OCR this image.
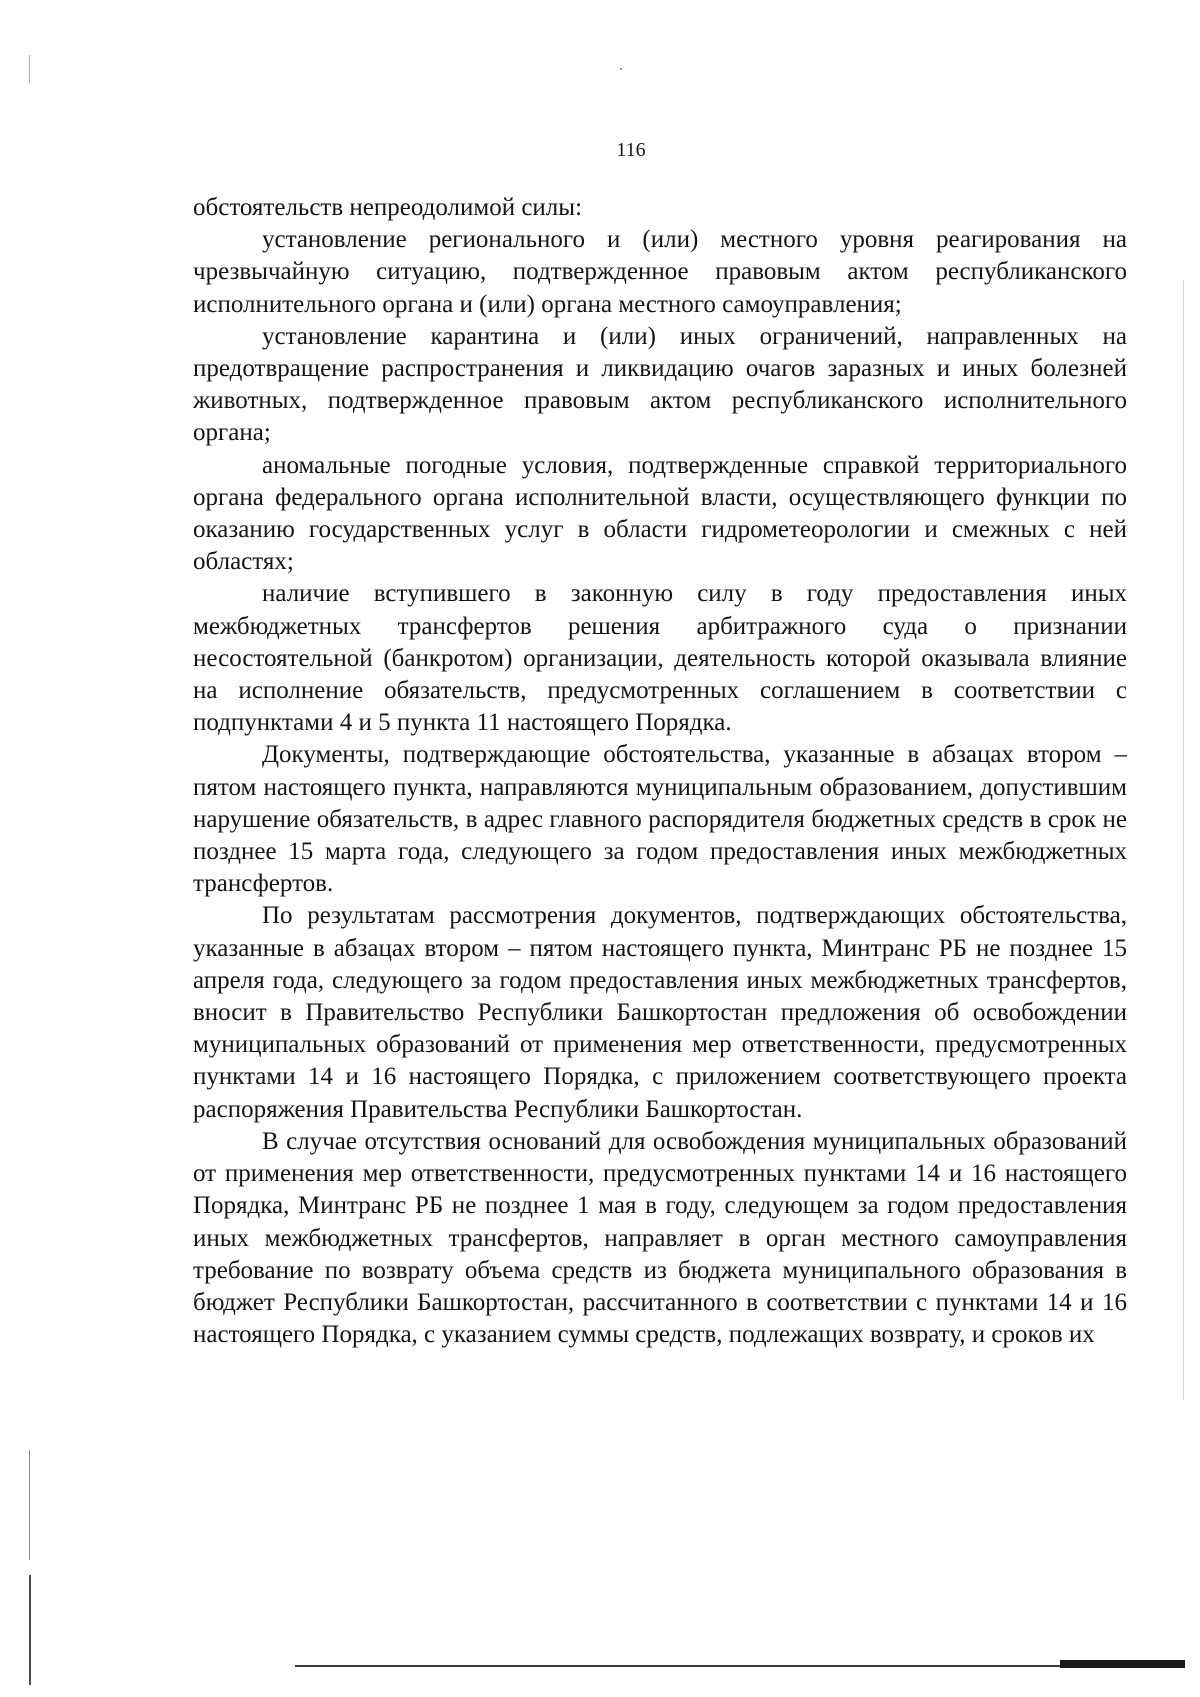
116

обстоятельств непреодолимой силы:

установление регионального и (или) местного уровня реагирования на чрезвычайную ситуацию, подтвержденное правовым актом республиканского исполнительного органа и (или) органа местного самоуправления;

установление карантина и (или) иных ограничений, направленных на предотвращение распространения и ликвидацию очагов заразных и иных болезней животных, подтвержденное правовым актом республиканского исполнительного органа;

аномальные погодные условия, подтвержденные справкой территориального органа федерального органа исполнительной власти, осуществляющего функции по оказанию государственных услуг в области гидрометеорологии и смежных с ней областях;

наличие вступившего в законную силу в году предоставления иных межбюджетных трансфертов решения арбитражного суда о признании несостоятельной (банкротом) организации, деятельность которой оказывала влияние на исполнение обязательств, предусмотренных соглашением в соответствии с подпунктами 4 и 5 пункта 11 настоящего Порядка.

Документы, подтверждающие обстоятельства, указанные в абзацах втором – пятом настоящего пункта, направляются муниципальным образованием, допустившим нарушение обязательств, в адрес главного распорядителя бюджетных средств в срок не позднее 15 марта года, следующего за годом предоставления иных межбюджетных трансфертов.

По результатам рассмотрения документов, подтверждающих обстоятельства, указанные в абзацах втором – пятом настоящего пункта, Минтранс РБ не позднее 15 апреля года, следующего за годом предоставления иных межбюджетных трансфертов, вносит в Правительство Республики Башкортостан предложения об освобождении муниципальных образований от применения мер ответственности, предусмотренных пунктами 14 и 16 настоящего Порядка, с приложением соответствующего проекта распоряжения Правительства Республики Башкортостан.

В случае отсутствия оснований для освобождения муниципальных образований от применения мер ответственности, предусмотренных пунктами 14 и 16 настоящего Порядка, Минтранс РБ не позднее 1 мая в году, следующем за годом предоставления иных межбюджетных трансфертов, направляет в орган местного самоуправления требование по возврату объема средств из бюджета муниципального образования в бюджет Республики Башкортостан, рассчитанного в соответствии с пунктами 14 и 16 настоящего Порядка, с указанием суммы средств, подлежащих возврату, и сроков их
